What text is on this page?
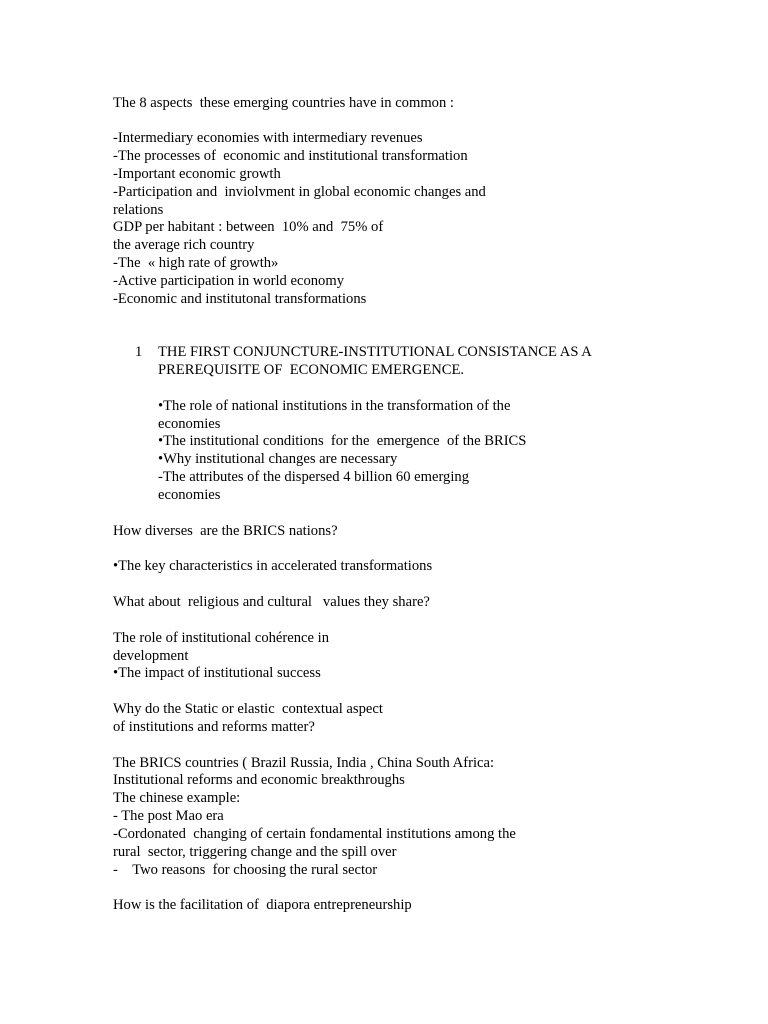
The 8 aspects  these emerging countries have in common :
-Intermediary economies with intermediary revenues
-The processes of  economic and institutional transformation
-Important economic growth
-Participation and  inviolvment in global economic changes and
relations
GDP per habitant : between  10% and  75% of
the average rich country
-The  « high rate of growth»
-Active participation in world economy
-Economic and institutonal transformations
1 THE FIRST CONJUNCTURE-INSTITUTIONAL CONSISTANCE AS A
PREREQUISITE OF  ECONOMIC EMERGENCE.
•The role of national institutions in the transformation of the
economies
•The institutional conditions  for the  emergence  of the BRICS
•Why institutional changes are necessary
-The attributes of the dispersed 4 billion 60 emerging
economies
How diverses  are the BRICS nations?
•The key characteristics in accelerated transformations
What about  religious and cultural   values they share?
The role of institutional cohérence in
development
•The impact of institutional success
Why do the Static or elastic  contextual aspect
of institutions and reforms matter?
The BRICS countries ( Brazil Russia, India , China South Africa:
Institutional reforms and economic breakthroughs
The chinese example:
- The post Mao era
-Cordonated  changing of certain fondamental institutions among the
rural  sector, triggering change and the spill over
-    Two reasons  for choosing the rural sector
How is the facilitation of  diapora entrepreneurship
